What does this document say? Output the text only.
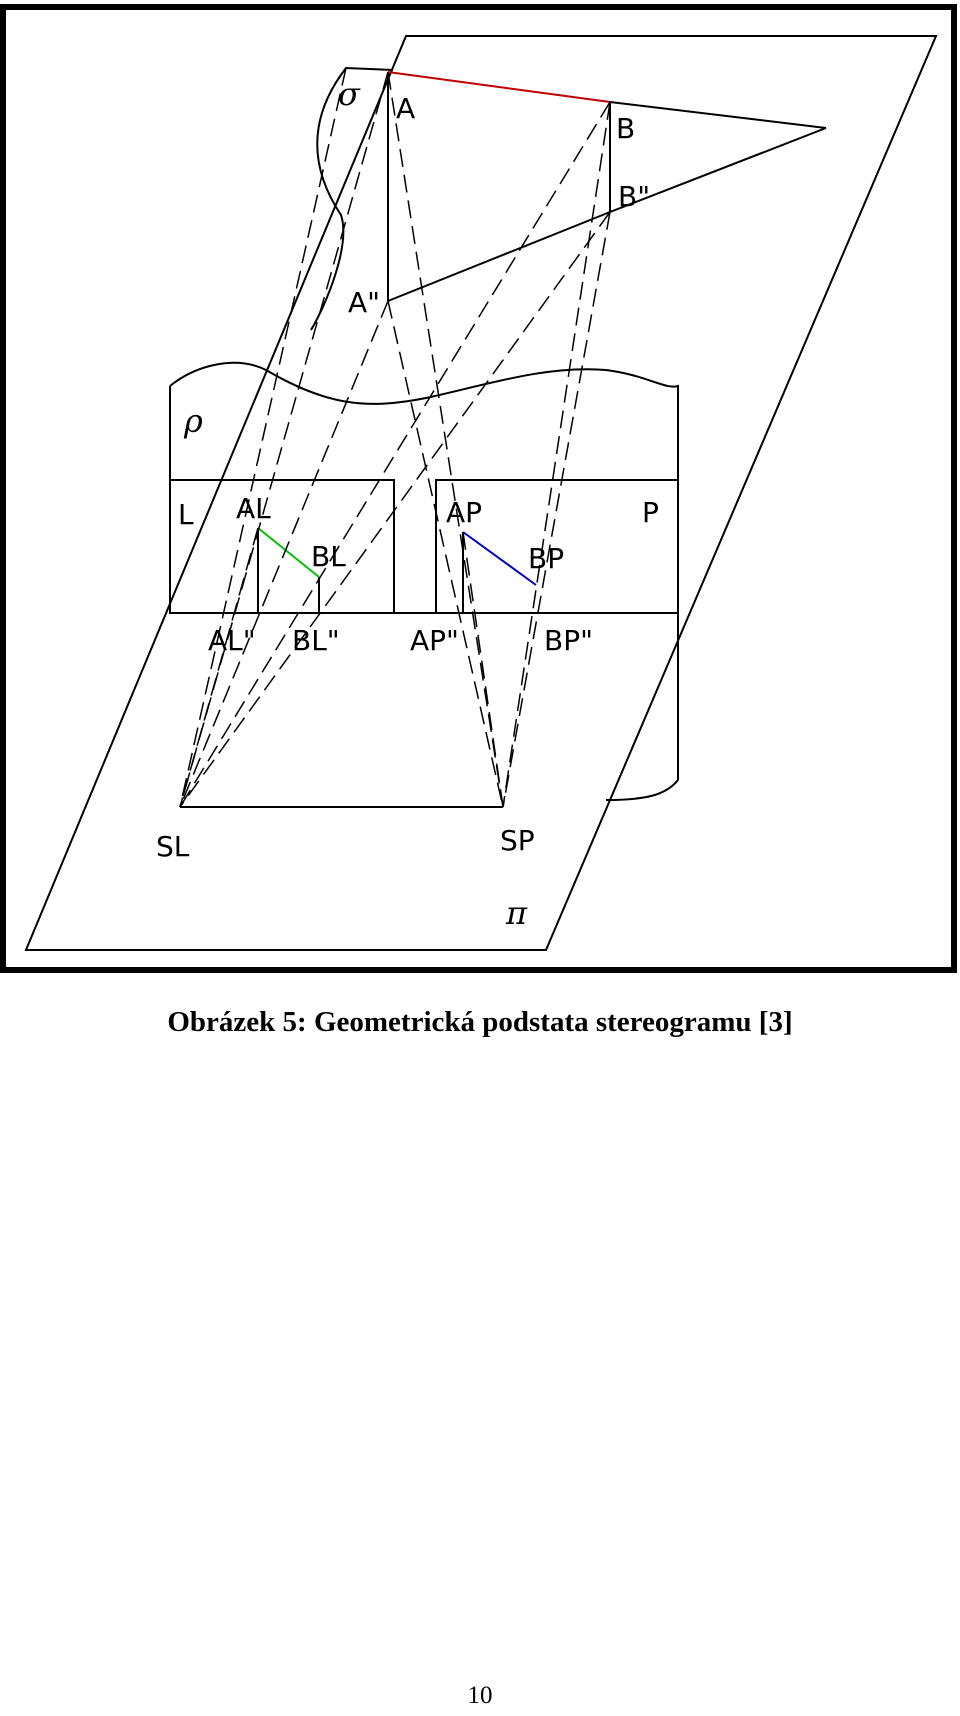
σ A
B
B"
A"
ρ
L AL
BL
AP	P
BP
AL" BL"	AP"	BP"
SL	SP
π
Obrázek 5: Geometrická podstata stereogramu [3]
10
